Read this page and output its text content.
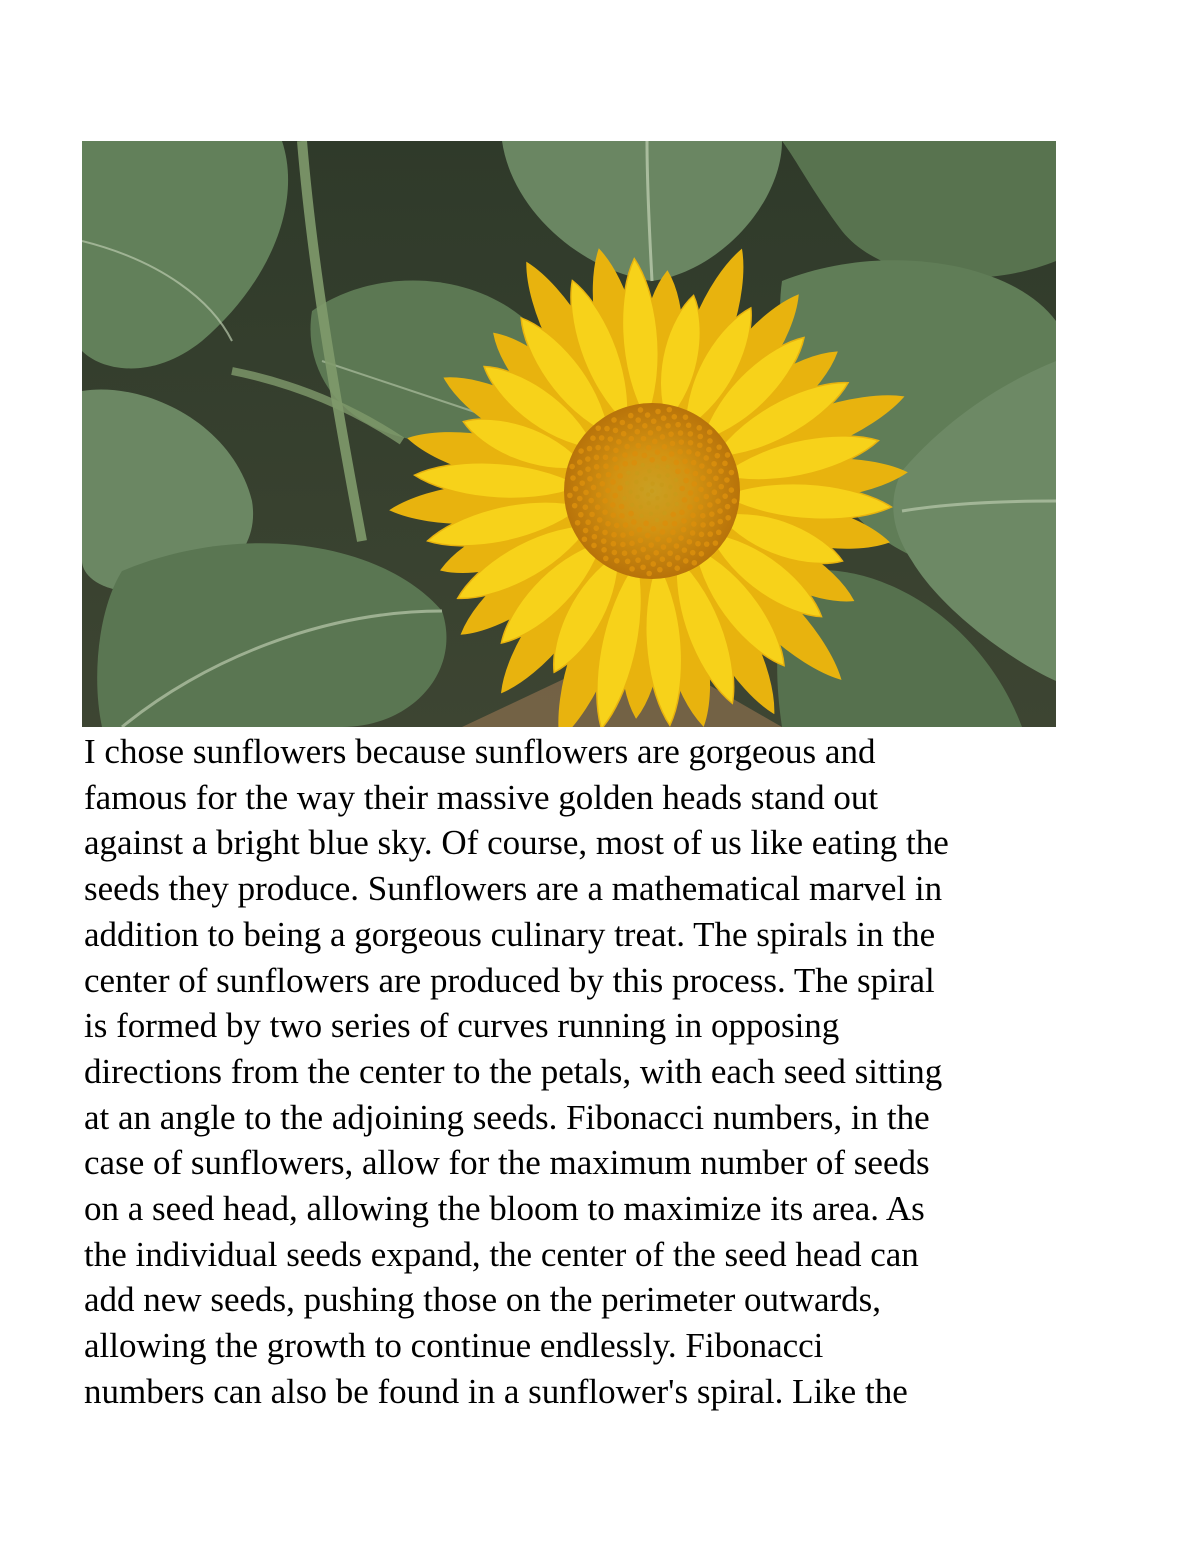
I chose sunflowers because sunflowers are gorgeous and
famous for the way their massive golden heads stand out
against a bright blue sky. Of course, most of us like eating the
seeds they produce. Sunflowers are a mathematical marvel in
addition to being a gorgeous culinary treat. The spirals in the
center of sunflowers are produced by this process. The spiral
is formed by two series of curves running in opposing
directions from the center to the petals, with each seed sitting
at an angle to the adjoining seeds. Fibonacci numbers, in the
case of sunflowers, allow for the maximum number of seeds
on a seed head, allowing the bloom to maximize its area. As
the individual seeds expand, the center of the seed head can
add new seeds, pushing those on the perimeter outwards,
allowing the growth to continue endlessly. Fibonacci
numbers can also be found in a sunflower's spiral. Like the
